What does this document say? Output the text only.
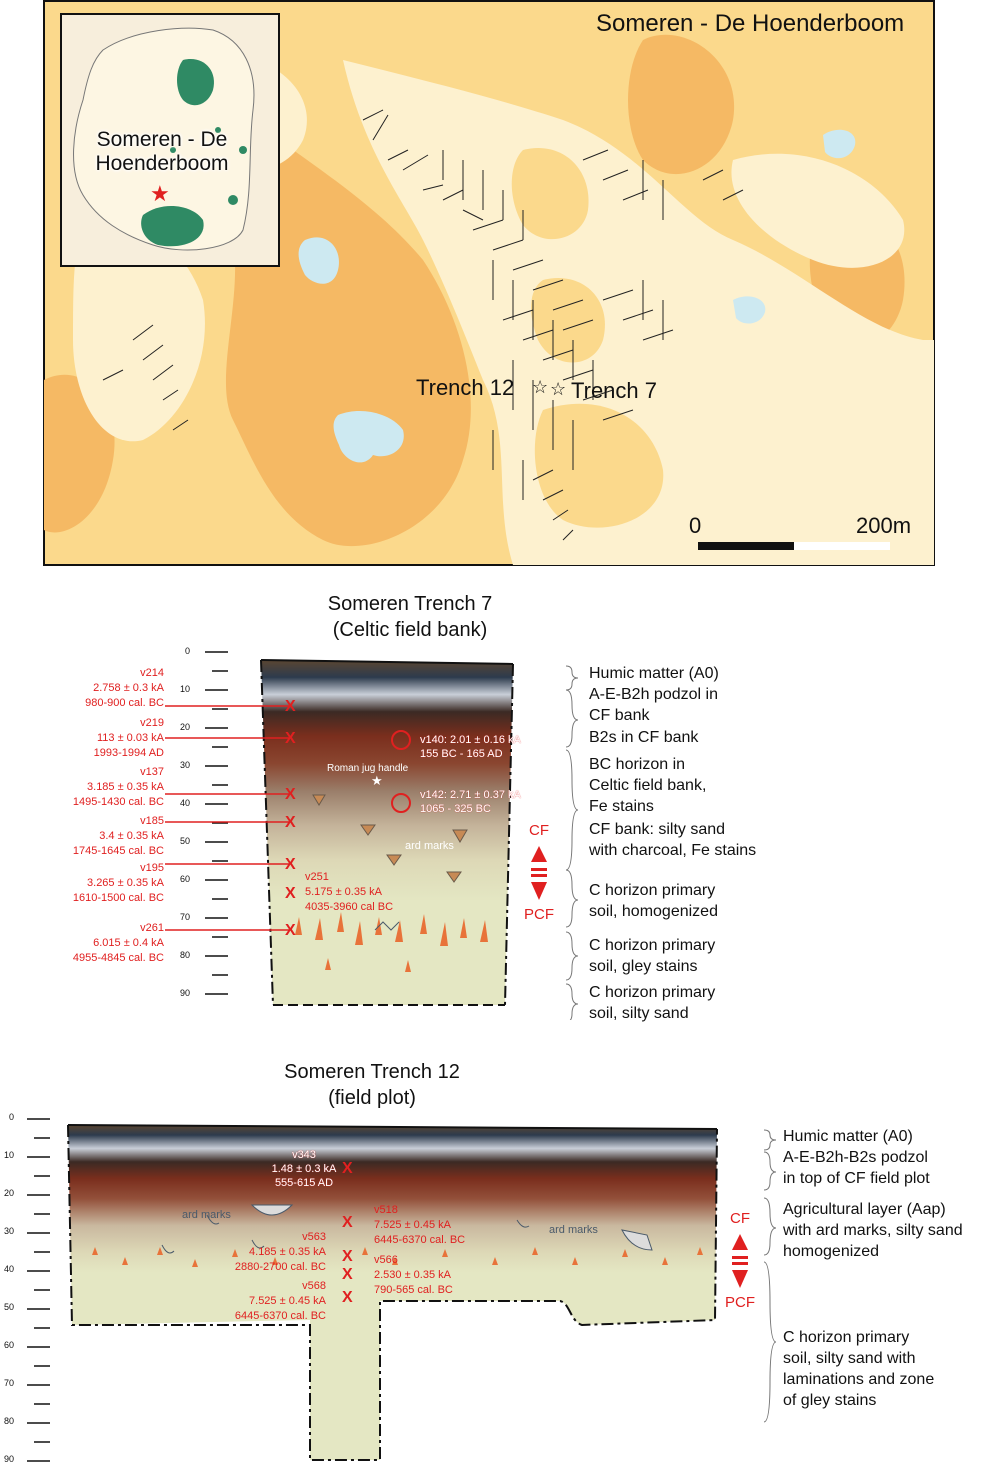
Someren - De Hoenderboom
Someren - De
Hoenderboom
★
Trench 12 ☆ ☆ Trench 7
0	200m
Someren Trench 7
(Celtic field bank)
0
10
20
30
40
50
60
70
80
90
v214
2.758 ± 0.3 kA
980-900 cal. BC
v219
113 ± 0.03 kA
1993-1994 AD
v137
3.185 ± 0.35 kA
1495-1430 cal. BC
v185
3.4 ± 0.35 kA
1745-1645 cal. BC
v195
3.265 ± 0.35 kA
1610-1500 cal. BC
v261
6.015 ± 0.4 kA
4955-4845 cal. BC
X
X
X
X
X
X
X
v251
5.175 ± 0.35 kA
4035-3960 cal BC
v140: 2.01 ± 0.16 kA
155 BC - 165 AD
v142: 2.71 ± 0.37 kA
1065 - 325 BC
Roman jug handle
★
ard marks
CF
PCF
Humic matter (A0)
A-E-B2h podzol in
CF bank
B2s in CF bank
BC horizon in
Celtic field bank,
Fe stains
CF bank: silty sand
with charcoal, Fe stains
C horizon primary
soil, homogenized
C horizon primary
soil, gley stains
C horizon primary
soil, silty sand
Someren Trench 12
(field plot)
0
10
20
30
40
50
60
70
80
90
ard marks
ard marks
v343
1.48 ± 0.3 kA
555-615 AD
X
X
X
X
X
v518
7.525 ± 0.45 kA
6445-6370 cal. BC
v563
4.185 ± 0.35 kA
2880-2700 cal. BC
v566
2.530 ± 0.35 kA
790-565 cal. BC
v568
7.525 ± 0.45 kA
6445-6370 cal. BC
CF
PCF
Humic matter (A0)
A-E-B2h-B2s podzol
in top of CF field plot
Agricultural layer (Aap)
with ard marks, silty sand
homogenized
C horizon primary
soil, silty sand with
laminations and zone
of gley stains
